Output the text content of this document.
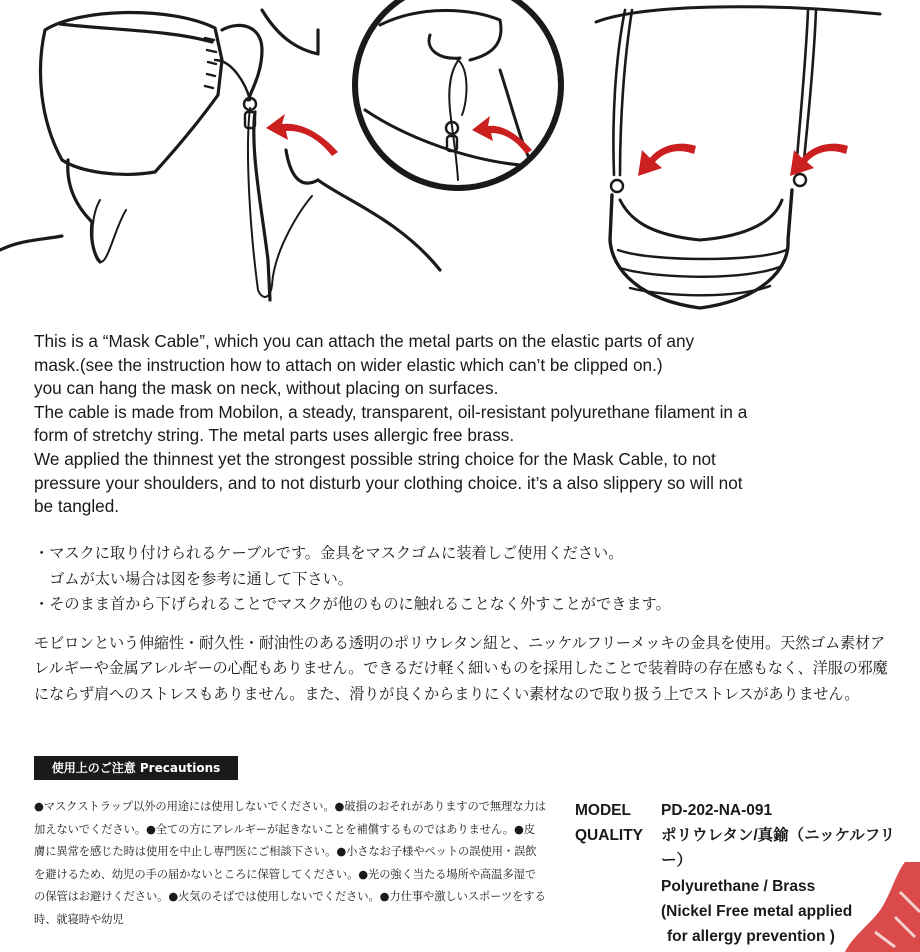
This is a “Mask Cable”, which you can attach the metal parts on the elastic parts of any

mask.(see the instruction how to attach on wider elastic which can’t be clipped on.)

you can hang the mask on neck, without placing on surfaces.

The cable is made from Mobilon, a steady, transparent, oil-resistant polyurethane filament in a

form of stretchy string. The metal parts uses allergic free brass.

We applied the thinnest yet the strongest possible string choice for the Mask Cable, to not

pressure your shoulders, and to not disturb your clothing choice. it’s a also slippery so will not

be tangled.

・マスクに取り付けられるケーブルです。金具をマスクゴムに装着しご使用ください。

　ゴムが太い場合は図を参考に通して下さい。

・そのまま首から下げられることでマスクが他のものに触れることなく外すことができます。

モビロンという伸縮性・耐久性・耐油性のある透明のポリウレタン紐と、ニッケルフリーメッキの金具を使用。天然ゴム素材アレルギーや金属アレルギーの心配もありません。できるだけ軽く細いものを採用したことで装着時の存在感もなく、洋服の邪魔にならず肩へのストレスもありません。また、滑りが良くからまりにくい素材なので取り扱う上でストレスがありません。
使用上のご注意 Precautions
●マスクストラップ以外の用途には使用しないでください。●破損のおそれがありますので無理な力は加えないでください。●全ての方にアレルギーが起きないことを補償するものではありません。●皮膚に異常を感じた時は使用を中止し専門医にご相談下さい。●小さなお子様やペットの誤使用・誤飲を避けるため、幼児の手の届かないところに保管してください。●光の強く当たる場所や高温多湿での保管はお避けください。●火気のそばでは使用しないでください。●力仕事や激しいスポーツをする時、就寝時や幼児
MODEL	PD-202-NA-091
QUALITY	ポリウレタン/真鍮（ニッケルフリー）
Polyurethane / Brass
(Nickel Free metal applied
for allergy prevention )
